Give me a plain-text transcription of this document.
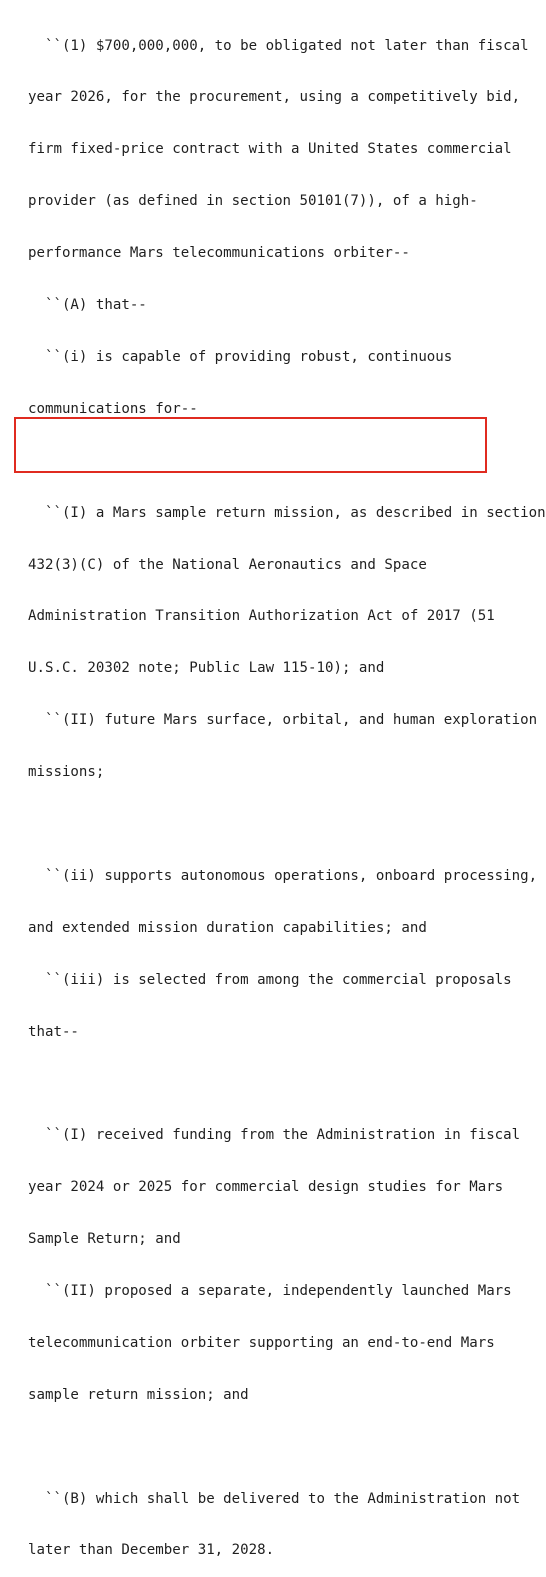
``(1) $700,000,000, to be obligated not later than fiscal

year 2026, for the procurement, using a competitively bid,

firm fixed-price contract with a United States commercial

provider (as defined in section 50101(7)), of a high-

performance Mars telecommunications orbiter--

``(A) that--

``(i) is capable of providing robust, continuous

communications for--

``(I) a Mars sample return mission, as described in section

432(3)(C) of the National Aeronautics and Space

Administration Transition Authorization Act of 2017 (51

U.S.C. 20302 note; Public Law 115-10); and

``(II) future Mars surface, orbital, and human exploration

missions;

``(ii) supports autonomous operations, onboard processing,

and extended mission duration capabilities; and

``(iii) is selected from among the commercial proposals

that--

``(I) received funding from the Administration in fiscal

year 2024 or 2025 for commercial design studies for Mars

Sample Return; and

``(II) proposed a separate, independently launched Mars

telecommunication orbiter supporting an end-to-end Mars

sample return mission; and

``(B) which shall be delivered to the Administration not

later than December 31, 2028.
